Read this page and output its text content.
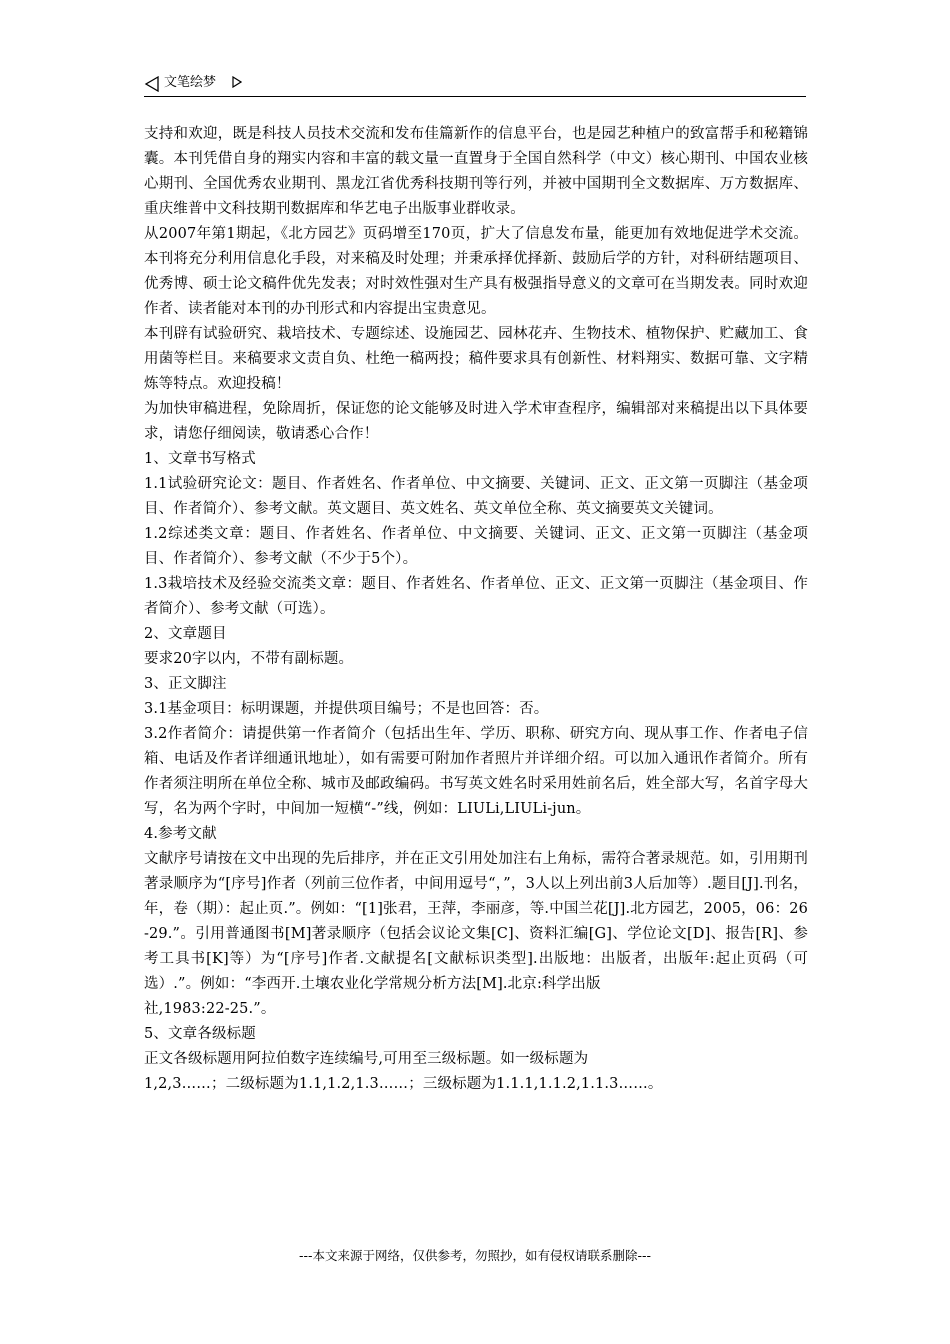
文笔绘梦

支持和欢迎，既是科技人员技术交流和发布佳篇新作的信息平台，也是园艺种植户的致富帮手和秘籍锦囊。本刊凭借自身的翔实内容和丰富的载文量一直置身于全国自然科学（中文）核心期刊、中国农业核心期刊、全国优秀农业期刊、黑龙江省优秀科技期刊等行列，并被中国期刊全文数据库、万方数据库、重庆维普中文科技期刊数据库和华艺电子出版事业群收录。

从2007年第1期起，《北方园艺》页码增至170页，扩大了信息发布量，能更加有效地促进学术交流。本刊将充分利用信息化手段，对来稿及时处理；并秉承择优择新、鼓励后学的方针，对科研结题项目、优秀博、硕士论文稿件优先发表；对时效性强对生产具有极强指导意义的文章可在当期发表。同时欢迎作者、读者能对本刊的办刊形式和内容提出宝贵意见。

本刊辟有试验研究、栽培技术、专题综述、设施园艺、园林花卉、生物技术、植物保护、贮藏加工、食用菌等栏目。来稿要求文责自负、杜绝一稿两投；稿件要求具有创新性、材料翔实、数据可靠、文字精炼等特点。欢迎投稿！

为加快审稿进程，免除周折，保证您的论文能够及时进入学术审查程序，编辑部对来稿提出以下具体要求，请您仔细阅读，敬请悉心合作！

1、文章书写格式

1.1试验研究论文：题目、作者姓名、作者单位、中文摘要、关键词、正文、正文第一页脚注（基金项目、作者简介）、参考文献。英文题目、英文姓名、英文单位全称、英文摘要英文关键词。

1.2综述类文章：题目、作者姓名、作者单位、中文摘要、关键词、正文、正文第一页脚注（基金项目、作者简介）、参考文献（不少于5个）。

1.3栽培技术及经验交流类文章：题目、作者姓名、作者单位、正文、正文第一页脚注（基金项目、作者简介）、参考文献（可选）。

2、文章题目

要求20字以内，不带有副标题。

3、正文脚注

3.1基金项目：标明课题，并提供项目编号；不是也回答：否。

3.2作者简介：请提供第一作者简介（包括出生年、学历、职称、研究方向、现从事工作、作者电子信箱、电话及作者详细通讯地址），如有需要可附加作者照片并详细介绍。可以加入通讯作者简介。所有作者须注明所在单位全称、城市及邮政编码。书写英文姓名时采用姓前名后，姓全部大写，名首字母大写，名为两个字时，中间加一短横“-”线，例如：LIULi,LIULi-jun。

4.参考文献

文献序号请按在文中出现的先后排序，并在正文引用处加注右上角标，需符合著录规范。如，引用期刊著录顺序为“[序号]作者（列前三位作者，中间用逗号“，”，3人以上列出前3人后加等）.题目[J].刊名，年，卷（期）：起止页.”。例如：“[1]张君，王萍，李丽彦，等.中国兰花[J].北方园艺，2005，06：26-29.”。引用普通图书[M]著录顺序（包括会议论文集[C]、资料汇编[G]、学位论文[D]、报告[R]、参考工具书[K]等）为“[序号]作者.文献提名[文献标识类型].出版地：出版者，出版年:起止页码（可选）.”。例如：“李西开.土壤农业化学常规分析方法[M].北京:科学出版

社,1983:22-25.”。

5、文章各级标题

正文各级标题用阿拉伯数字连续编号,可用至三级标题。如一级标题为

1,2,3……；二级标题为1.1,1.2,1.3……；三级标题为1.1.1,1.1.2,1.1.3……。

---本文来源于网络，仅供参考，勿照抄，如有侵权请联系删除---
